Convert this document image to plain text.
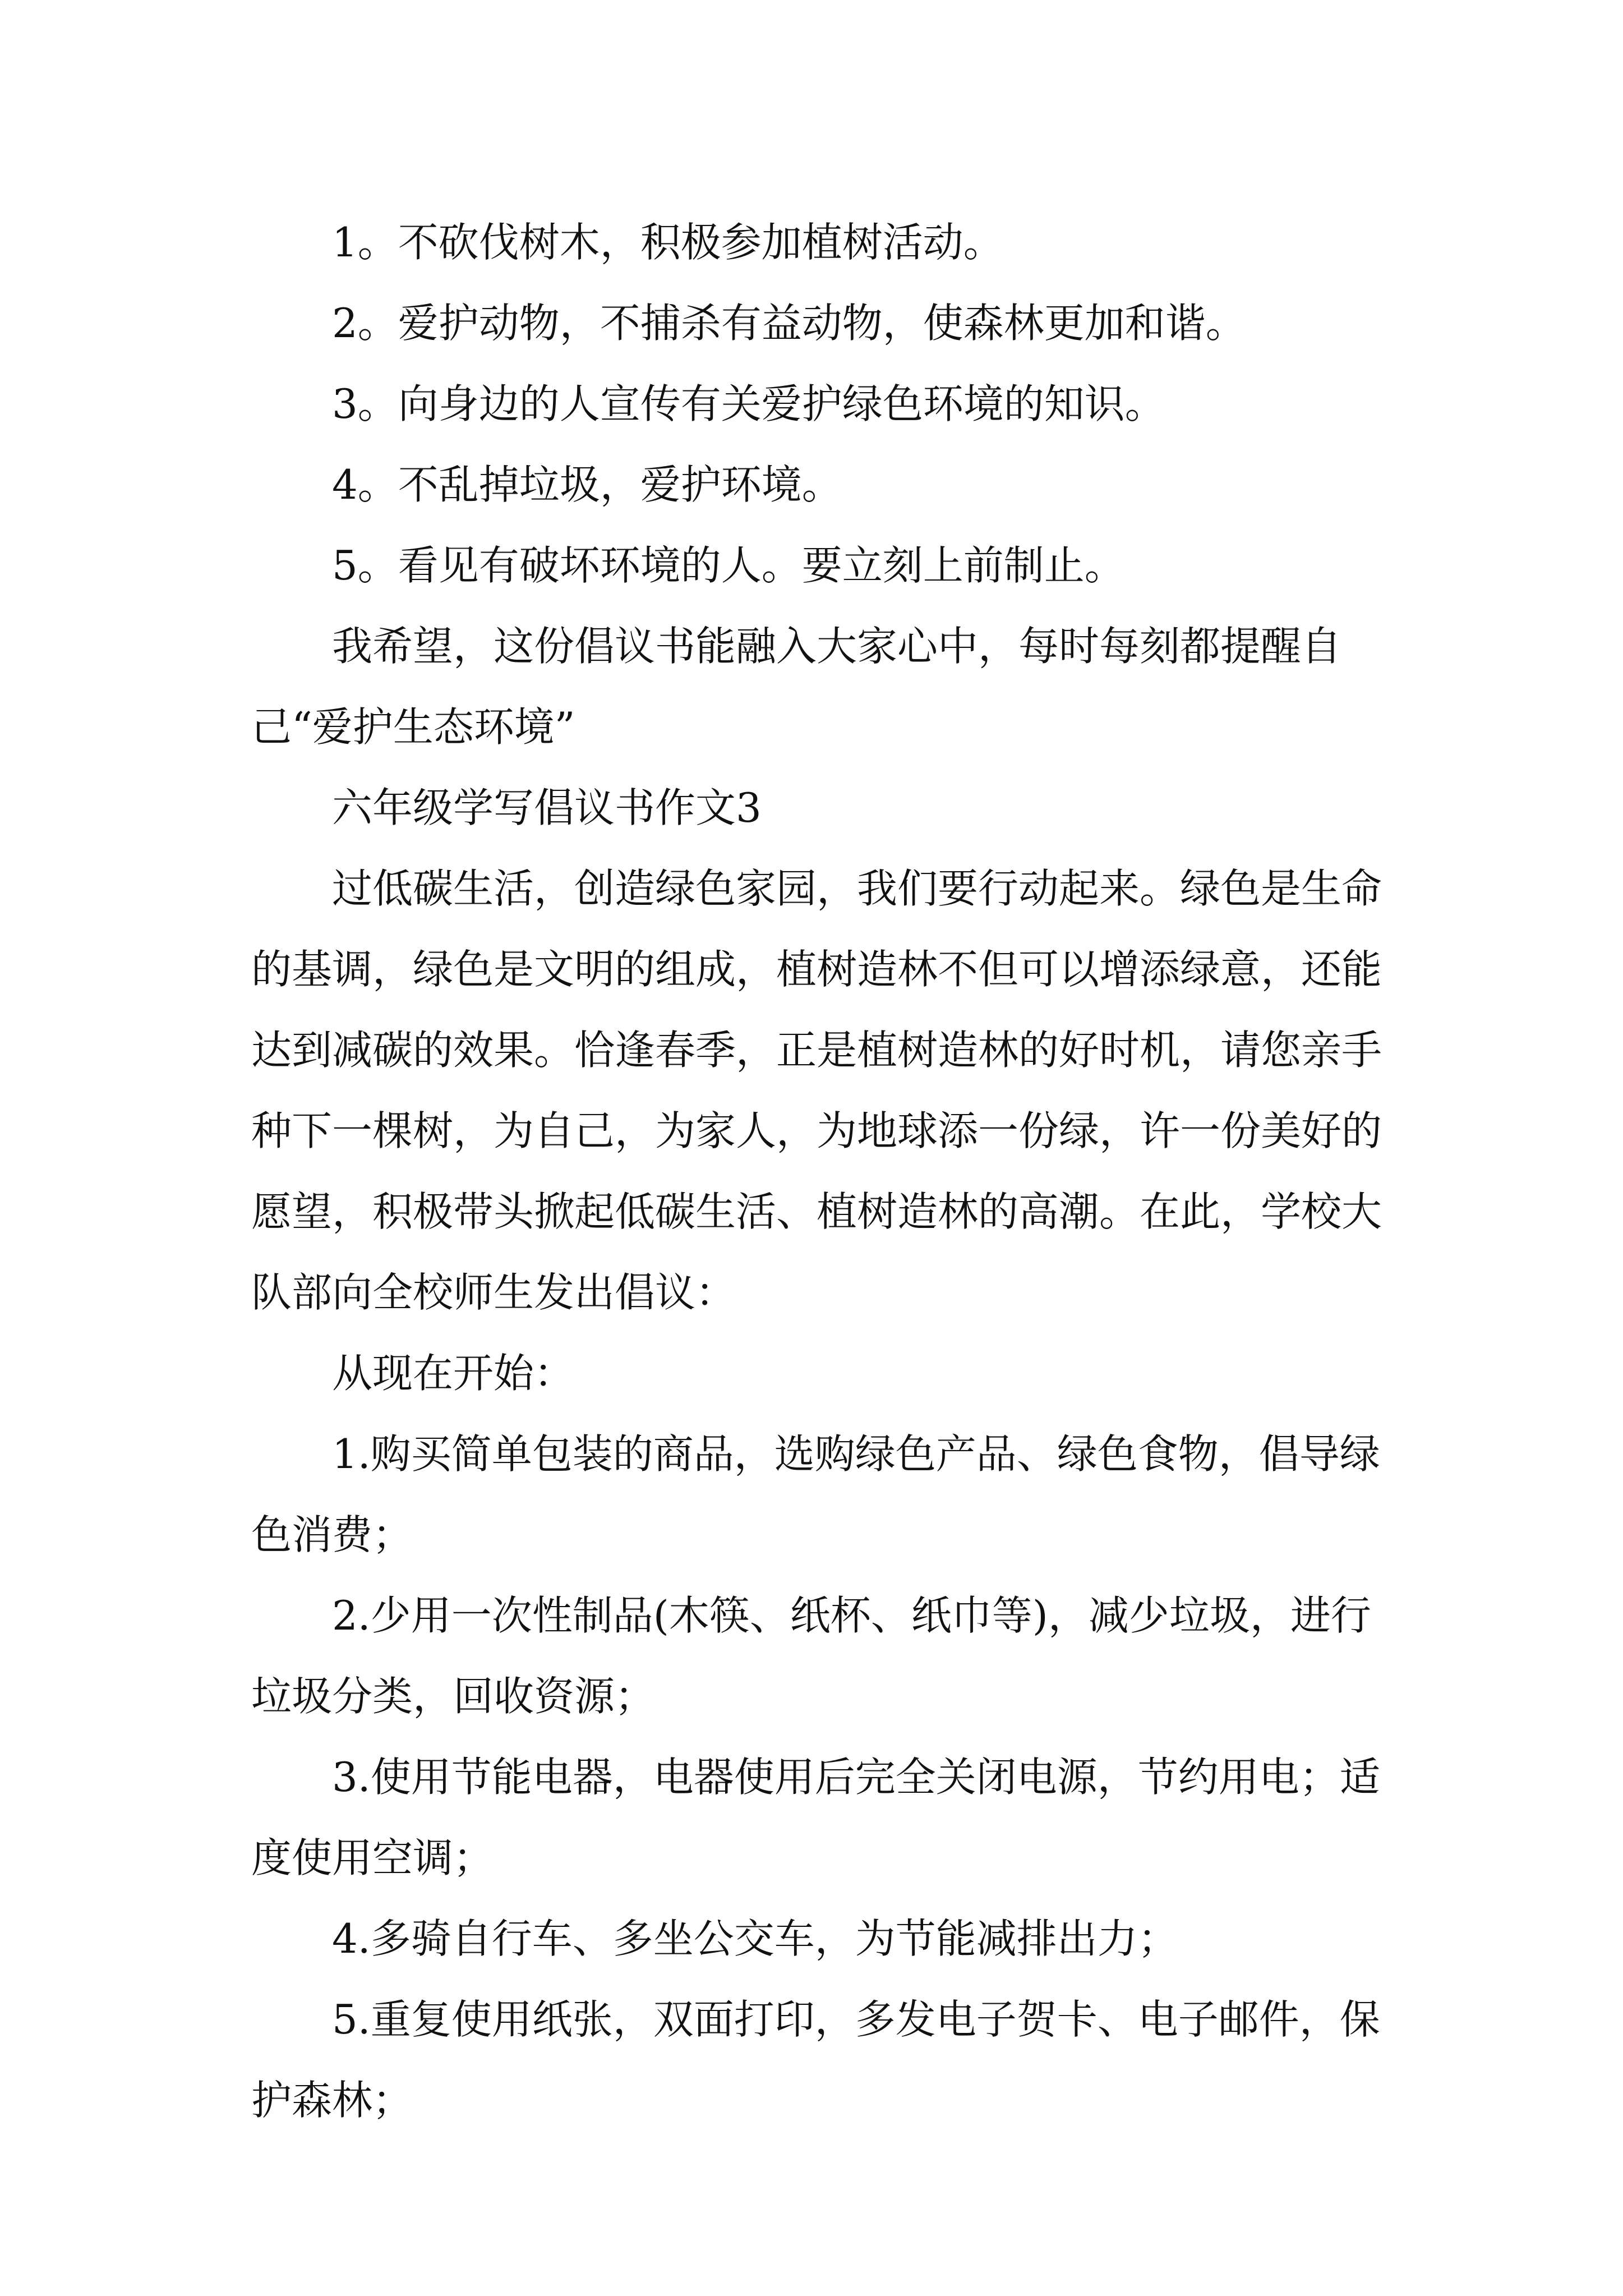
1。不砍伐树木，积极参加植树活动。

2。爱护动物，不捕杀有益动物，使森林更加和谐。

3。向身边的人宣传有关爱护绿色环境的知识。

4。不乱掉垃圾，爱护环境。

5。看见有破坏环境的人。要立刻上前制止。

我希望，这份倡议书能融入大家心中，每时每刻都提醒自己“爱护生态环境”

六年级学写倡议书作文3

过低碳生活，创造绿色家园，我们要行动起来。绿色是生命的基调，绿色是文明的组成，植树造林不但可以增添绿意，还能达到减碳的效果。恰逢春季，正是植树造林的好时机，请您亲手种下一棵树，为自己，为家人，为地球添一份绿，许一份美好的愿望，积极带头掀起低碳生活、植树造林的高潮。在此，学校大队部向全校师生发出倡议：

从现在开始：

1.购买简单包装的商品，选购绿色产品、绿色食物，倡导绿色消费；

2.少用一次性制品(木筷、纸杯、纸巾等)，减少垃圾，进行垃圾分类，回收资源；

3.使用节能电器，电器使用后完全关闭电源，节约用电；适度使用空调；

4.多骑自行车、多坐公交车，为节能减排出力；

5.重复使用纸张，双面打印，多发电子贺卡、电子邮件，保护森林；
